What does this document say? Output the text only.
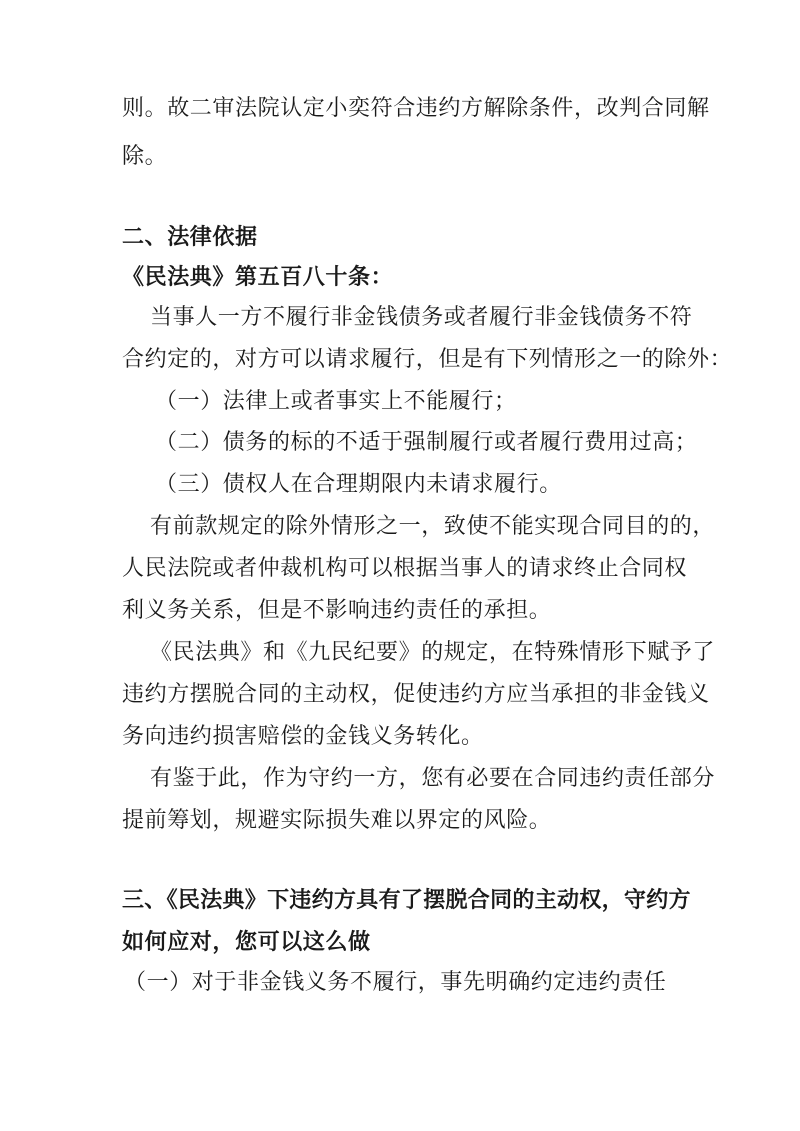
则。故二审法院认定小奕符合违约方解除条件，改判合同解
除。
二、法律依据
《民法典》第五百八十条：
当事人一方不履行非金钱债务或者履行非金钱债务不符
合约定的，对方可以请求履行，但是有下列情形之一的除外：
（一）法律上或者事实上不能履行；
（二）债务的标的不适于强制履行或者履行费用过高；
（三）债权人在合理期限内未请求履行。
有前款规定的除外情形之一，致使不能实现合同目的的，
人民法院或者仲裁机构可以根据当事人的请求终止合同权
利义务关系，但是不影响违约责任的承担。
《民法典》和《九民纪要》的规定，在特殊情形下赋予了
违约方摆脱合同的主动权，促使违约方应当承担的非金钱义
务向违约损害赔偿的金钱义务转化。
有鉴于此，作为守约一方，您有必要在合同违约责任部分
提前筹划，规避实际损失难以界定的风险。
三、《民法典》下违约方具有了摆脱合同的主动权，守约方
如何应对，您可以这么做
（一）对于非金钱义务不履行，事先明确约定违约责任
